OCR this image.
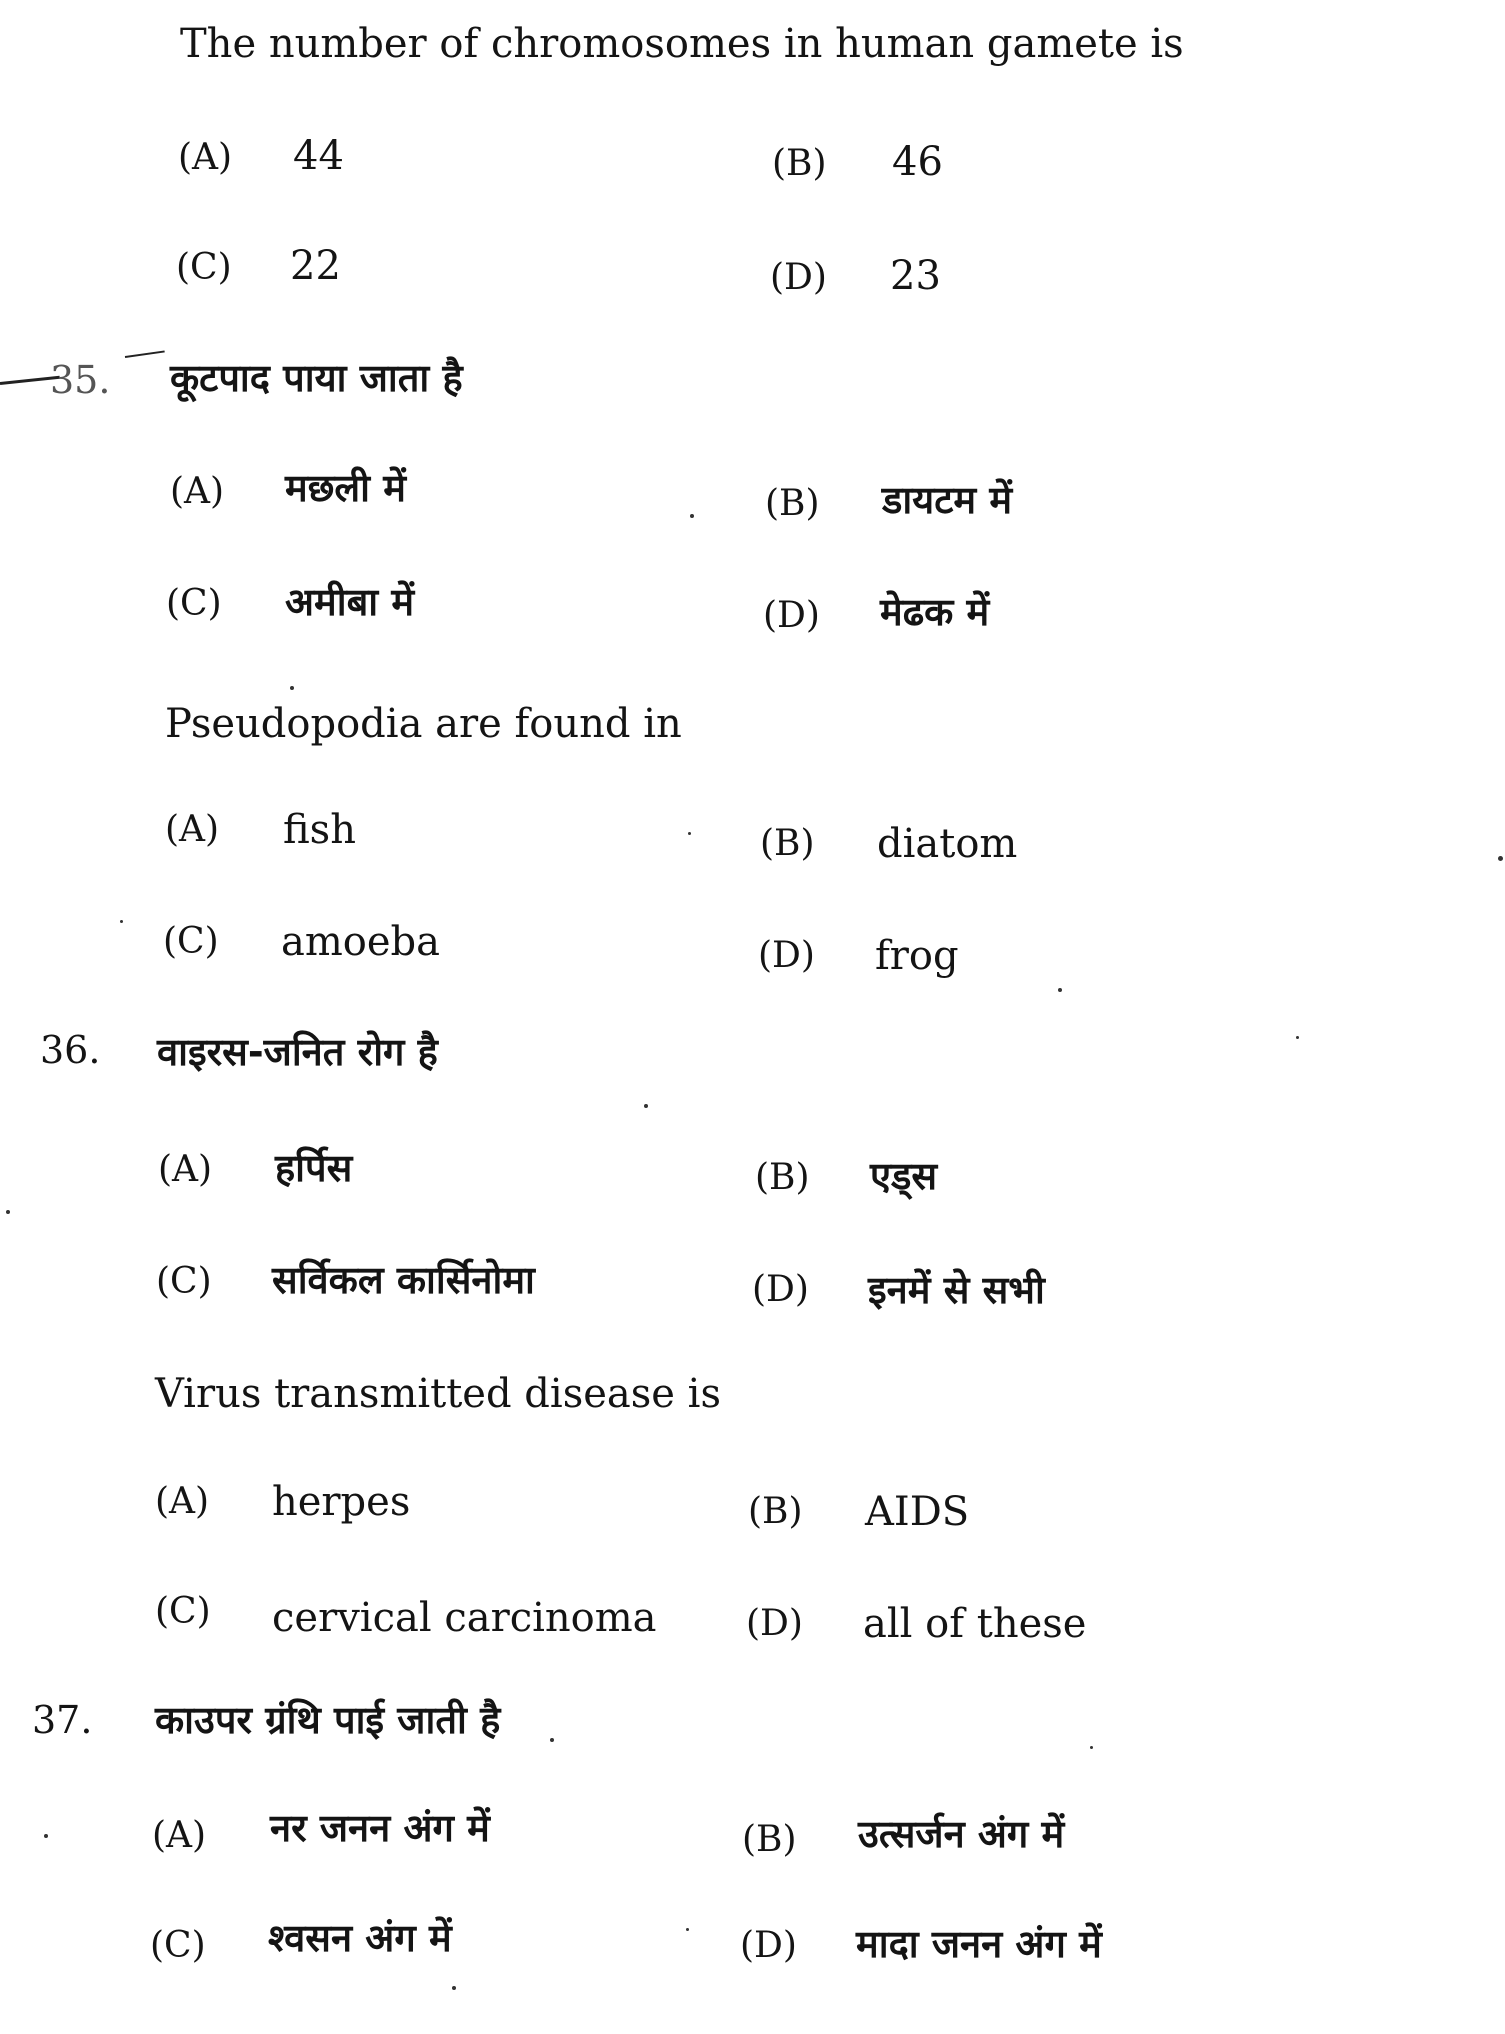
The number of chromosomes in human gamete is
(A) 44	(B) 46
(C) 22	(D) 23
35. कूटपाद पाया जाता है
(A) मछली में	(B) डायटम में
(C) अमीबा में	(D) मेढक में
Pseudopodia are found in
(A) fish	(B) diatom
(C) amoeba	(D) frog
36. वाइरस-जनित रोग है
(A) हर्पिस	(B) एड्स
(C) सर्विकल कार्सिनोमा	(D) इनमें से सभी
Virus transmitted disease is
(A) herpes	(B) AIDS
(C) cervical carcinoma (D) all of these
37. काउपर ग्रंथि पाई जाती है
(A) नर जनन अंग में	(B) उत्सर्जन अंग में
(C) श्वसन अंग में	(D) मादा जनन अंग में
